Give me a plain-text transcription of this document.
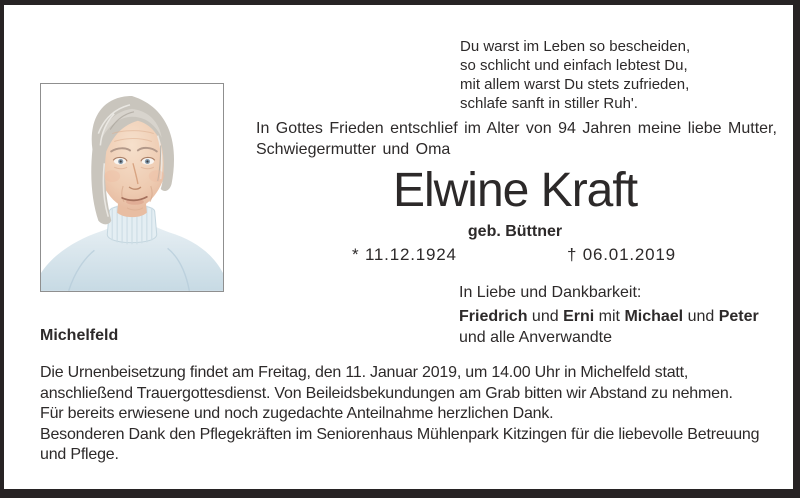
Du warst im Leben so bescheiden,
so schlicht und einfach lebtest Du,
mit allem warst Du stets zufrieden,
schlafe sanft in stiller Ruh'.
In Gottes Frieden entschlief im Alter von 94 Jahren meine liebe Mutter,
Schwiegermutter und Oma
Elwine Kraft
geb. Büttner
* 11.12.1924	† 06.01.2019
In Liebe und Dankbarkeit:
Friedrich und Erni mit Michael und Peter
und alle Anverwandte
Michelfeld
Die Urnenbeisetzung findet am Freitag, den 11. Januar 2019, um 14.00 Uhr in Michelfeld statt,
anschließend Trauergottesdienst. Von Beileidsbekundungen am Grab bitten wir Abstand zu nehmen.
Für bereits erwiesene und noch zugedachte Anteilnahme herzlichen Dank.
Besonderen Dank den Pflegekräften im Seniorenhaus Mühlenpark Kitzingen für die liebevolle Betreuung
und Pflege.
